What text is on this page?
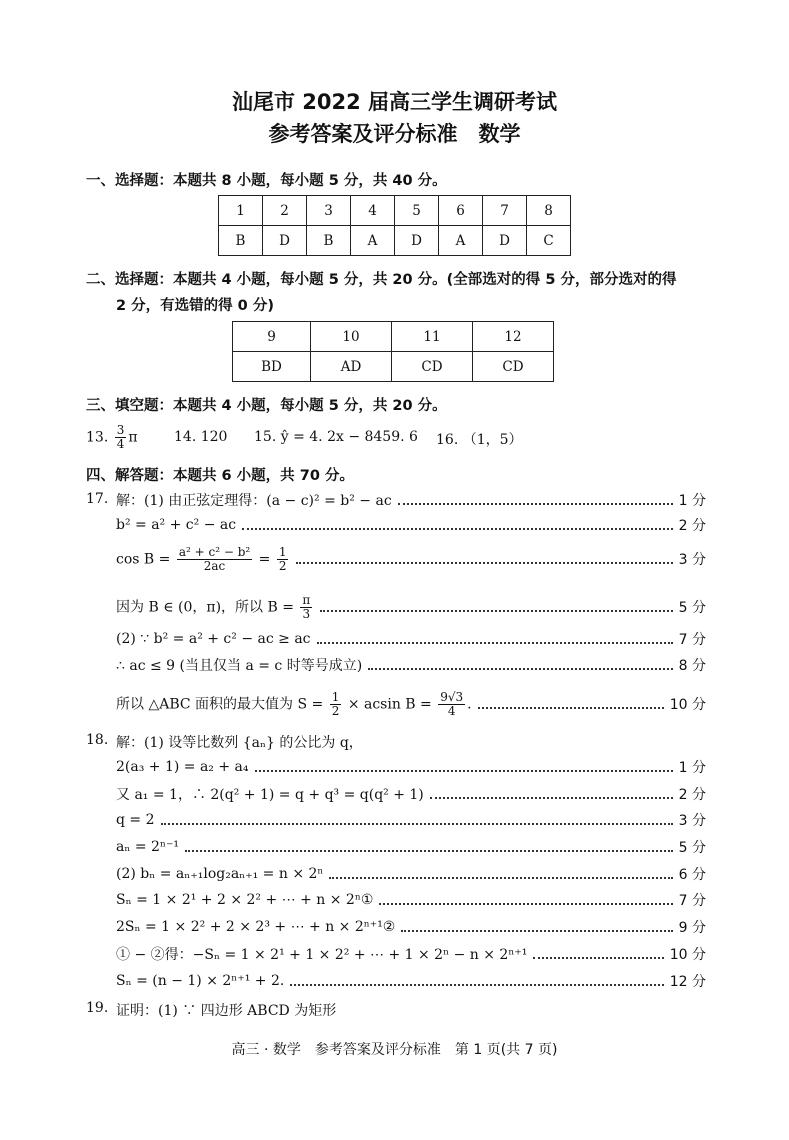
汕尾市 2022 届高三学生调研考试
参考答案及评分标准　数学
一、选择题：本题共 8 小题，每小题 5 分，共 40 分。
1	2	3	4	5	6	7	8
B	D	B	A	D	A	D	C
二、选择题：本题共 4 小题，每小题 5 分，共 20 分。(全部选对的得 5 分，部分选对的得
2 分，有选错的得 0 分)
9	10	11	12
BD	AD	CD	CD
三、填空题：本题共 4 小题，每小题 5 分，共 20 分。
13. $\frac{3}{4}$ π	14. 120 15. ŷ = 4. 2x − 8459. 6 16. （1，5）
四、解答题：本题共 6 小题，共 70 分。
17. 解：(1) 由正弦定理得：(a − c)² = b² − ac	1 分
b² = a² + c² − ac	2 分
$\cos B = \frac{\text{a² + c² − b²}}{2ac} = \frac{1}{2}$	3 分
因为 B ∈ (0，π)，所以 $B = \frac{\pi}{3}$	5 分
(2) ∵ b² = a² + c² − ac ≥ ac	7 分
∴ ac ≤ 9 (当且仅当 a = c 时等号成立)	8 分
所以 △ABC 面积的最大值为 $S = \frac{1}{2} \times acsin$ $B = \frac{9√3}{4}$ .	10 分
18. 解：(1) 设等比数列 {aₙ} 的公比为 q，
2(a₃ + 1) = a₂ + a₄	1 分
又 a₁ = 1，∴ 2(q² + 1) = q + q³ = q(q² + 1)	2 分
q = 2	3 分
aₙ = 2ⁿ⁻¹	5 分
(2) bₙ = aₙ₊₁log₂aₙ₊₁ = n × 2ⁿ	6 分
Sₙ = 1 × 2¹ + 2 × 2² + ⋯ + n × 2ⁿ①	7 分
2Sₙ = 1 × 2² + 2 × 2³ + ⋯ + n × 2ⁿ⁺¹②	9 分
① − ②得：−Sₙ = 1 × 2¹ + 1 × 2² + ⋯ + 1 × 2ⁿ − n × 2ⁿ⁺¹	10 分
Sₙ = (n − 1) × 2ⁿ⁺¹ + 2.	12 分
19. 证明：(1) ∵ 四边形 ABCD 为矩形
高三 · 数学　参考答案及评分标准　第 1 页(共 7 页)
